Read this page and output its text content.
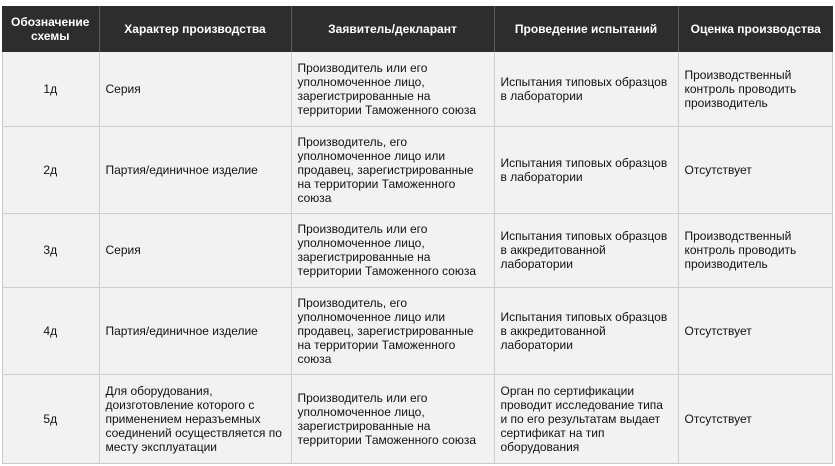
Обозначение схемы	Характер производства	Заявитель/декларант	Проведение испытаний	Оценка производства
1д	Серия	Производитель или его уполномоченное лицо, зарегистрированные на территории Таможенного союза	Испытания типовых образцов в лаборатории	Производственный контроль проводить производитель
2д	Партия/единичное изделие	Производитель, его уполномоченное лицо или продавец, зарегистрированные на территории Таможенного союза	Испытания типовых образцов в лаборатории	Отсутствует
3д	Серия	Производитель или его уполномоченное лицо, зарегистрированные на территории Таможенного союза	Испытания типовых образцов в аккредитованной лаборатории	Производственный контроль проводить производитель
4д	Партия/единичное изделие	Производитель, его уполномоченное лицо или продавец, зарегистрированные на территории Таможенного союза	Испытания типовых образцов в аккредитованной лаборатории	Отсутствует
5д	Для оборудования, доизготовление которого с применением неразъемных соединений осуществляется по месту эксплуатации	Производитель или его уполномоченное лицо, зарегистрированные на территории Таможенного союза	Орган по сертификации проводит исследование типа и по его результатам выдает сертификат на тип оборудования	Отсутствует
